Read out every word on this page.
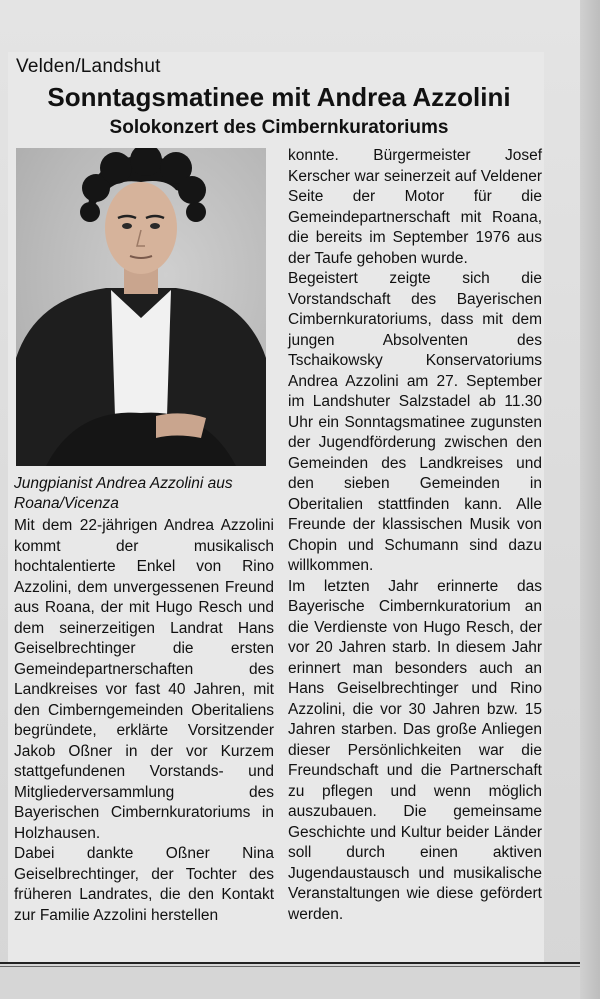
Velden/Landshut
Sonntagsmatinee mit Andrea Azzolini
Solokonzert des Cimbernkuratoriums
Jungpianist Andrea Azzolini aus Roana/Vicenza

Mit dem 22-jährigen Andrea Azzolini kommt der musikalisch hochtalentierte Enkel von Rino Azzolini, dem unvergessenen Freund aus Roana, der mit Hugo Resch und dem seinerzeitigen Landrat Hans Geiselbrechtinger die ersten Gemeindepartnerschaften des Landkreises vor fast 40 Jahren, mit den Cimberngemeinden Oberitaliens begründete, erklärte Vorsitzender Jakob Oßner in der vor Kurzem stattgefundenen Vorstands- und Mitgliederversammlung des Bayerischen Cimbernkuratoriums in Holzhausen.

Dabei dankte Oßner Nina Geiselbrechtinger, der Tochter des früheren Landrates, die den Kontakt zur Familie Azzolini herstellen

konnte. Bürgermeister Josef Kerscher war seinerzeit auf Veldener Seite der Motor für die Gemeindepartnerschaft mit Roana, die bereits im September 1976 aus der Taufe gehoben wurde.

Begeistert zeigte sich die Vorstandschaft des Bayerischen Cimbernkuratoriums, dass mit dem jungen Absolventen des Tschaikowsky Konservatoriums Andrea Azzolini am 27. September im Landshuter Salzstadel ab 11.30 Uhr ein Sonntagsmatinee zugunsten der Jugendförderung zwischen den Gemeinden des Landkreises und den sieben Gemeinden in Oberitalien stattfinden kann. Alle Freunde der klassischen Musik von Chopin und Schumann sind dazu willkommen.

Im letzten Jahr erinnerte das Bayerische Cimbernkuratorium an die Verdienste von Hugo Resch, der vor 20 Jahren starb. In diesem Jahr erinnert man besonders auch an Hans Geiselbrechtinger und Rino Azzolini, die vor 30 Jahren bzw. 15 Jahren starben. Das große Anliegen dieser Persönlichkeiten war die Freundschaft und die Partnerschaft zu pflegen und wenn möglich auszubauen. Die gemeinsame Geschichte und Kultur beider Länder soll durch einen aktiven Jugendaustausch und musikalische Veranstaltungen wie diese gefördert werden.
